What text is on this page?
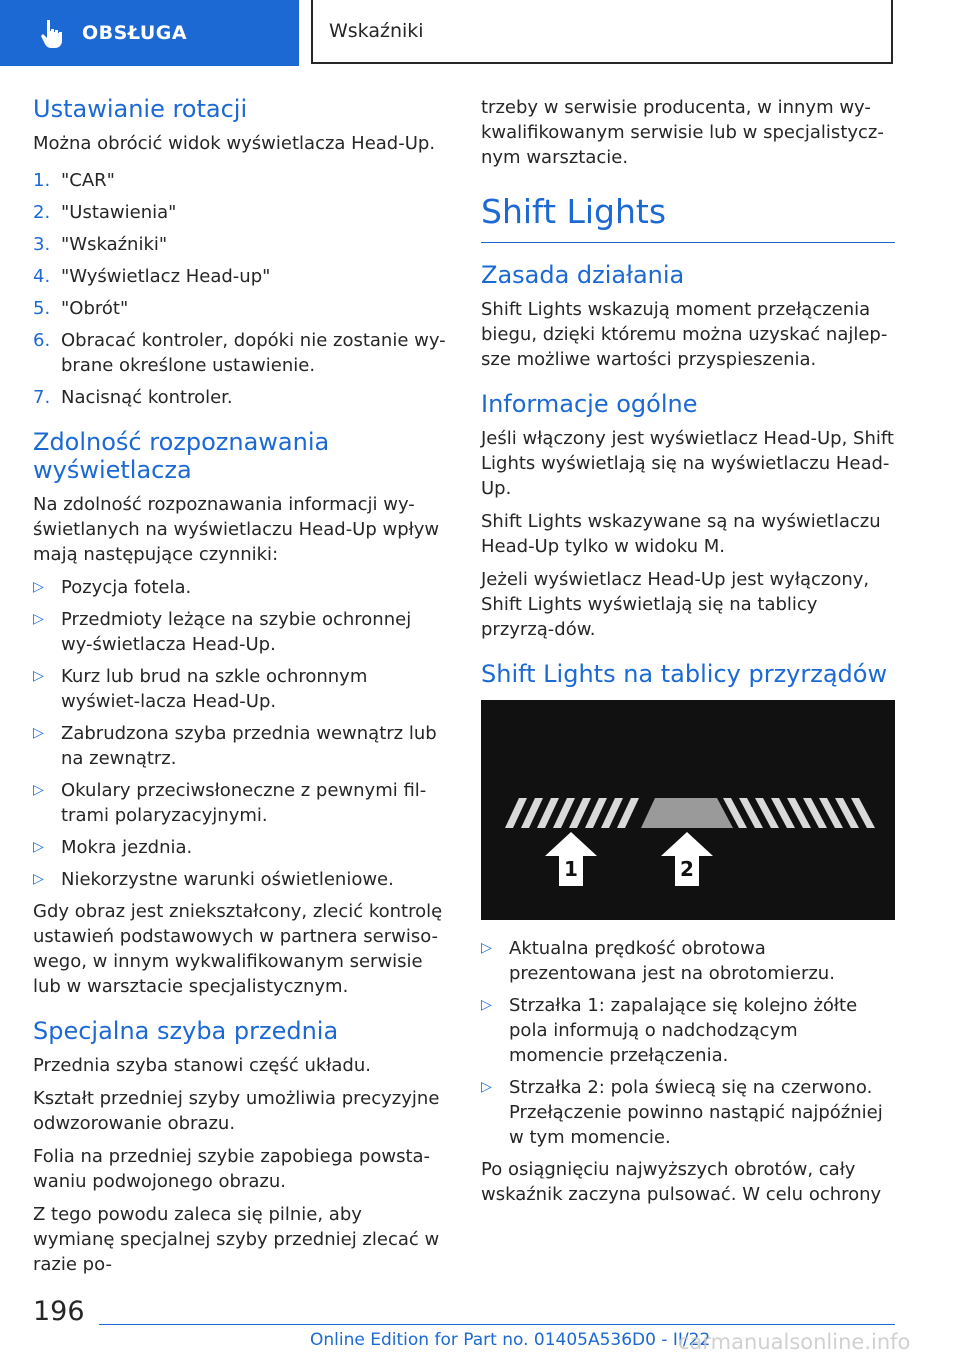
OBSŁUGA	Wskaźniki
Ustawianie rotacji

Można obrócić widok wyświetlacza Head-Up.

1. "CAR"
2. "Ustawienia"
3. "Wskaźniki"
4. "Wyświetlacz Head-up"
5. "Obrót"
6. Obracać kontroler, dopóki nie zostanie wy-brane określone ustawienie.
7. Nacisnąć kontroler.
Zdolność rozpoznawania wyświetlacza

Na zdolność rozpoznawania informacji wy-świetlanych na wyświetlaczu Head-Up wpływ mają następujące czynniki:

▷ Pozycja fotela.
▷ Przedmioty leżące na szybie ochronnej wy-świetlacza Head-Up.
▷ Kurz lub brud na szkle ochronnym wyświet-lacza Head-Up.
▷ Zabrudzona szyba przednia wewnątrz lub na zewnątrz.
▷ Okulary przeciwsłoneczne z pewnymi fil-trami polaryzacyjnymi.
▷ Mokra jezdnia.
▷ Niekorzystne warunki oświetleniowe.

Gdy obraz jest zniekształcony, zlecić kontrolę ustawień podstawowych w partnera serwiso-wego, w innym wykwalifikowanym serwisie lub w warsztacie specjalistycznym.

Specjalna szyba przednia

Przednia szyba stanowi część układu.

Kształt przedniej szyby umożliwia precyzyjne odwzorowanie obrazu.

Folia na przedniej szybie zapobiega powsta-waniu podwojonego obrazu.

Z tego powodu zaleca się pilnie, aby wymianę specjalnej szyby przedniej zlecać w razie po-

trzeby w serwisie producenta, w innym wy-kwalifikowanym serwisie lub w specjalistycz-nym warsztacie.

Shift Lights
Zasada działania

Shift Lights wskazują moment przełączenia biegu, dzięki któremu można uzyskać najlep-sze możliwe wartości przyspieszenia.

Informacje ogólne

Jeśli włączony jest wyświetlacz Head-Up, Shift Lights wyświetlają się na wyświetlaczu Head-Up.

Shift Lights wskazywane są na wyświetlaczu Head-Up tylko w widoku M.

Jeżeli wyświetlacz Head-Up jest wyłączony, Shift Lights wyświetlają się na tablicy przyrzą-dów.

Shift Lights na tablicy przyrządów
1	2
▷ Aktualna prędkość obrotowa prezentowana jest na obrotomierzu.
▷ Strzałka 1: zapalające się kolejno żółte pola informują o nadchodzącym momencie przełączenia.
▷ Strzałka 2: pola świecą się na czerwono. Przełączenie powinno nastąpić najpóźniej w tym momencie.

Po osiągnięciu najwyższych obrotów, cały wskaźnik zaczyna pulsować. W celu ochrony

196
Online Edition for Part no. 01405A536D0 - II/22
carmanualsonline.info
